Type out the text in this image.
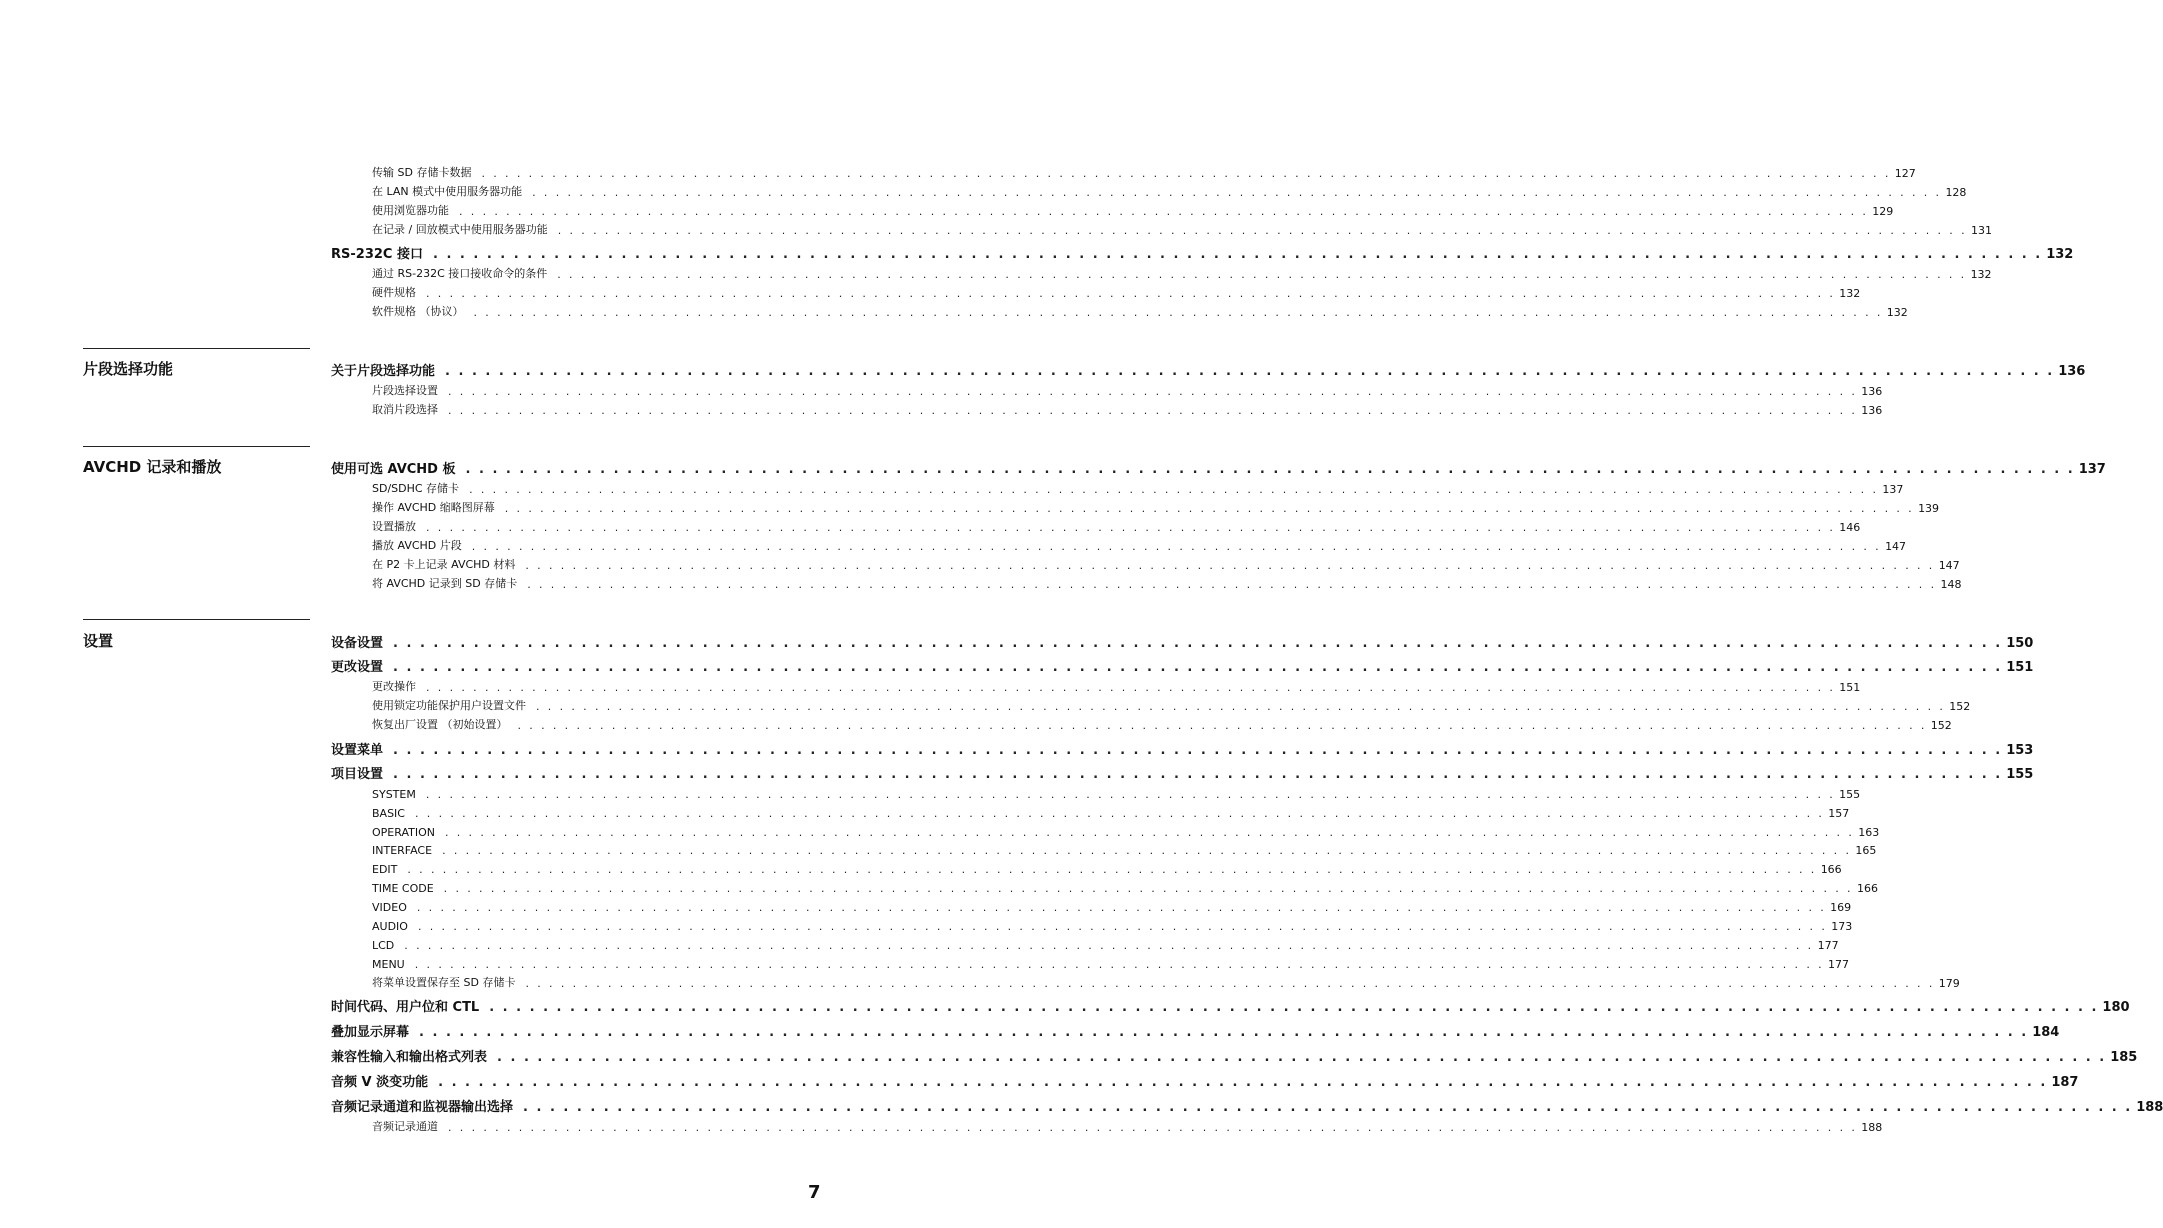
传输 SD 存储卡数据 . . . . . . . . . . . . . . . . . . . . . . . . . . . . . . . . . . . . . . . . . . . . . . . . . . . . . . . . . . . . . . . . . . . . . . . . . . . . . . . . . . . . . . . . . . . . . . . . . . . . . . . . . . . . . . . . . . . . . . . . 127
在 LAN 模式中使用服务器功能 . . . . . . . . . . . . . . . . . . . . . . . . . . . . . . . . . . . . . . . . . . . . . . . . . . . . . . . . . . . . . . . . . . . . . . . . . . . . . . . . . . . . . . . . . . . . . . . . . . . . . . . . . . . . . . . . . . . . . . . . 128
使用浏览器功能 . . . . . . . . . . . . . . . . . . . . . . . . . . . . . . . . . . . . . . . . . . . . . . . . . . . . . . . . . . . . . . . . . . . . . . . . . . . . . . . . . . . . . . . . . . . . . . . . . . . . . . . . . . . . . . . . . . . . . . . . 129
在记录 / 回放模式中使用服务器功能 . . . . . . . . . . . . . . . . . . . . . . . . . . . . . . . . . . . . . . . . . . . . . . . . . . . . . . . . . . . . . . . . . . . . . . . . . . . . . . . . . . . . . . . . . . . . . . . . . . . . . . . . . . . . . . . . . . . . . . . . 131
RS-232C 接口 . . . . . . . . . . . . . . . . . . . . . . . . . . . . . . . . . . . . . . . . . . . . . . . . . . . . . . . . . . . . . . . . . . . . . . . . . . . . . . . . . . . . . . . . . . . . . . . . . . . . . . . . . . . . . . . . . . . . . . . . 132
通过 RS-232C 接口接收命令的条件 . . . . . . . . . . . . . . . . . . . . . . . . . . . . . . . . . . . . . . . . . . . . . . . . . . . . . . . . . . . . . . . . . . . . . . . . . . . . . . . . . . . . . . . . . . . . . . . . . . . . . . . . . . . . . . . . . . . . . . . . 132
硬件规格 . . . . . . . . . . . . . . . . . . . . . . . . . . . . . . . . . . . . . . . . . . . . . . . . . . . . . . . . . . . . . . . . . . . . . . . . . . . . . . . . . . . . . . . . . . . . . . . . . . . . . . . . . . . . . . . . . . . . . . . . 132
软件规格 （协议） . . . . . . . . . . . . . . . . . . . . . . . . . . . . . . . . . . . . . . . . . . . . . . . . . . . . . . . . . . . . . . . . . . . . . . . . . . . . . . . . . . . . . . . . . . . . . . . . . . . . . . . . . . . . . . . . . . . . . . . . 132
片段选择功能	关于片段选择功能 . . . . . . . . . . . . . . . . . . . . . . . . . . . . . . . . . . . . . . . . . . . . . . . . . . . . . . . . . . . . . . . . . . . . . . . . . . . . . . . . . . . . . . . . . . . . . . . . . . . . . . . . . . . . . . . . . . . . . . . . 136
片段选择设置 . . . . . . . . . . . . . . . . . . . . . . . . . . . . . . . . . . . . . . . . . . . . . . . . . . . . . . . . . . . . . . . . . . . . . . . . . . . . . . . . . . . . . . . . . . . . . . . . . . . . . . . . . . . . . . . . . . . . . . . . 136
取消片段选择 . . . . . . . . . . . . . . . . . . . . . . . . . . . . . . . . . . . . . . . . . . . . . . . . . . . . . . . . . . . . . . . . . . . . . . . . . . . . . . . . . . . . . . . . . . . . . . . . . . . . . . . . . . . . . . . . . . . . . . . . 136
AVCHD 记录和播放	使用可选 AVCHD 板 . . . . . . . . . . . . . . . . . . . . . . . . . . . . . . . . . . . . . . . . . . . . . . . . . . . . . . . . . . . . . . . . . . . . . . . . . . . . . . . . . . . . . . . . . . . . . . . . . . . . . . . . . . . . . . . . . . . . . . . . 137
SD/SDHC 存储卡 . . . . . . . . . . . . . . . . . . . . . . . . . . . . . . . . . . . . . . . . . . . . . . . . . . . . . . . . . . . . . . . . . . . . . . . . . . . . . . . . . . . . . . . . . . . . . . . . . . . . . . . . . . . . . . . . . . . . . . . . 137
操作 AVCHD 缩略图屏幕 . . . . . . . . . . . . . . . . . . . . . . . . . . . . . . . . . . . . . . . . . . . . . . . . . . . . . . . . . . . . . . . . . . . . . . . . . . . . . . . . . . . . . . . . . . . . . . . . . . . . . . . . . . . . . . . . . . . . . . . . 139
设置播放 . . . . . . . . . . . . . . . . . . . . . . . . . . . . . . . . . . . . . . . . . . . . . . . . . . . . . . . . . . . . . . . . . . . . . . . . . . . . . . . . . . . . . . . . . . . . . . . . . . . . . . . . . . . . . . . . . . . . . . . . 146
播放 AVCHD 片段 . . . . . . . . . . . . . . . . . . . . . . . . . . . . . . . . . . . . . . . . . . . . . . . . . . . . . . . . . . . . . . . . . . . . . . . . . . . . . . . . . . . . . . . . . . . . . . . . . . . . . . . . . . . . . . . . . . . . . . . . 147
在 P2 卡上记录 AVCHD 材料 . . . . . . . . . . . . . . . . . . . . . . . . . . . . . . . . . . . . . . . . . . . . . . . . . . . . . . . . . . . . . . . . . . . . . . . . . . . . . . . . . . . . . . . . . . . . . . . . . . . . . . . . . . . . . . . . . . . . . . . . 147
将 AVCHD 记录到 SD 存储卡 . . . . . . . . . . . . . . . . . . . . . . . . . . . . . . . . . . . . . . . . . . . . . . . . . . . . . . . . . . . . . . . . . . . . . . . . . . . . . . . . . . . . . . . . . . . . . . . . . . . . . . . . . . . . . . . . . . . . . . . . 148
设置	设备设置 . . . . . . . . . . . . . . . . . . . . . . . . . . . . . . . . . . . . . . . . . . . . . . . . . . . . . . . . . . . . . . . . . . . . . . . . . . . . . . . . . . . . . . . . . . . . . . . . . . . . . . . . . . . . . . . . . . . . . . . . 150
更改设置 . . . . . . . . . . . . . . . . . . . . . . . . . . . . . . . . . . . . . . . . . . . . . . . . . . . . . . . . . . . . . . . . . . . . . . . . . . . . . . . . . . . . . . . . . . . . . . . . . . . . . . . . . . . . . . . . . . . . . . . . 151
更改操作 . . . . . . . . . . . . . . . . . . . . . . . . . . . . . . . . . . . . . . . . . . . . . . . . . . . . . . . . . . . . . . . . . . . . . . . . . . . . . . . . . . . . . . . . . . . . . . . . . . . . . . . . . . . . . . . . . . . . . . . . 151
使用锁定功能保护用户设置文件 . . . . . . . . . . . . . . . . . . . . . . . . . . . . . . . . . . . . . . . . . . . . . . . . . . . . . . . . . . . . . . . . . . . . . . . . . . . . . . . . . . . . . . . . . . . . . . . . . . . . . . . . . . . . . . . . . . . . . . . . 152
恢复出厂设置 （初始设置） . . . . . . . . . . . . . . . . . . . . . . . . . . . . . . . . . . . . . . . . . . . . . . . . . . . . . . . . . . . . . . . . . . . . . . . . . . . . . . . . . . . . . . . . . . . . . . . . . . . . . . . . . . . . . . . . . . . . . . . . 152
设置菜单 . . . . . . . . . . . . . . . . . . . . . . . . . . . . . . . . . . . . . . . . . . . . . . . . . . . . . . . . . . . . . . . . . . . . . . . . . . . . . . . . . . . . . . . . . . . . . . . . . . . . . . . . . . . . . . . . . . . . . . . . 153
项目设置 . . . . . . . . . . . . . . . . . . . . . . . . . . . . . . . . . . . . . . . . . . . . . . . . . . . . . . . . . . . . . . . . . . . . . . . . . . . . . . . . . . . . . . . . . . . . . . . . . . . . . . . . . . . . . . . . . . . . . . . . 155
SYSTEM . . . . . . . . . . . . . . . . . . . . . . . . . . . . . . . . . . . . . . . . . . . . . . . . . . . . . . . . . . . . . . . . . . . . . . . . . . . . . . . . . . . . . . . . . . . . . . . . . . . . . . . . . . . . . . . . . . . . . . . . 155
BASIC . . . . . . . . . . . . . . . . . . . . . . . . . . . . . . . . . . . . . . . . . . . . . . . . . . . . . . . . . . . . . . . . . . . . . . . . . . . . . . . . . . . . . . . . . . . . . . . . . . . . . . . . . . . . . . . . . . . . . . . . 157
OPERATION . . . . . . . . . . . . . . . . . . . . . . . . . . . . . . . . . . . . . . . . . . . . . . . . . . . . . . . . . . . . . . . . . . . . . . . . . . . . . . . . . . . . . . . . . . . . . . . . . . . . . . . . . . . . . . . . . . . . . . . . 163
INTERFACE . . . . . . . . . . . . . . . . . . . . . . . . . . . . . . . . . . . . . . . . . . . . . . . . . . . . . . . . . . . . . . . . . . . . . . . . . . . . . . . . . . . . . . . . . . . . . . . . . . . . . . . . . . . . . . . . . . . . . . . . 165
EDIT . . . . . . . . . . . . . . . . . . . . . . . . . . . . . . . . . . . . . . . . . . . . . . . . . . . . . . . . . . . . . . . . . . . . . . . . . . . . . . . . . . . . . . . . . . . . . . . . . . . . . . . . . . . . . . . . . . . . . . . . 166
TIME CODE . . . . . . . . . . . . . . . . . . . . . . . . . . . . . . . . . . . . . . . . . . . . . . . . . . . . . . . . . . . . . . . . . . . . . . . . . . . . . . . . . . . . . . . . . . . . . . . . . . . . . . . . . . . . . . . . . . . . . . . . 166
VIDEO . . . . . . . . . . . . . . . . . . . . . . . . . . . . . . . . . . . . . . . . . . . . . . . . . . . . . . . . . . . . . . . . . . . . . . . . . . . . . . . . . . . . . . . . . . . . . . . . . . . . . . . . . . . . . . . . . . . . . . . . 169
AUDIO . . . . . . . . . . . . . . . . . . . . . . . . . . . . . . . . . . . . . . . . . . . . . . . . . . . . . . . . . . . . . . . . . . . . . . . . . . . . . . . . . . . . . . . . . . . . . . . . . . . . . . . . . . . . . . . . . . . . . . . . 173
LCD . . . . . . . . . . . . . . . . . . . . . . . . . . . . . . . . . . . . . . . . . . . . . . . . . . . . . . . . . . . . . . . . . . . . . . . . . . . . . . . . . . . . . . . . . . . . . . . . . . . . . . . . . . . . . . . . . . . . . . . . 177
MENU . . . . . . . . . . . . . . . . . . . . . . . . . . . . . . . . . . . . . . . . . . . . . . . . . . . . . . . . . . . . . . . . . . . . . . . . . . . . . . . . . . . . . . . . . . . . . . . . . . . . . . . . . . . . . . . . . . . . . . . . 177
将菜单设置保存至 SD 存储卡 . . . . . . . . . . . . . . . . . . . . . . . . . . . . . . . . . . . . . . . . . . . . . . . . . . . . . . . . . . . . . . . . . . . . . . . . . . . . . . . . . . . . . . . . . . . . . . . . . . . . . . . . . . . . . . . . . . . . . . . . 179
时间代码、用户位和 CTL . . . . . . . . . . . . . . . . . . . . . . . . . . . . . . . . . . . . . . . . . . . . . . . . . . . . . . . . . . . . . . . . . . . . . . . . . . . . . . . . . . . . . . . . . . . . . . . . . . . . . . . . . . . . . . . . . . . . . . . . 180
叠加显示屏幕 . . . . . . . . . . . . . . . . . . . . . . . . . . . . . . . . . . . . . . . . . . . . . . . . . . . . . . . . . . . . . . . . . . . . . . . . . . . . . . . . . . . . . . . . . . . . . . . . . . . . . . . . . . . . . . . . . . . . . . . . 184
兼容性输入和输出格式列表 . . . . . . . . . . . . . . . . . . . . . . . . . . . . . . . . . . . . . . . . . . . . . . . . . . . . . . . . . . . . . . . . . . . . . . . . . . . . . . . . . . . . . . . . . . . . . . . . . . . . . . . . . . . . . . . . . . . . . . . . 185
音频 V 淡变功能 . . . . . . . . . . . . . . . . . . . . . . . . . . . . . . . . . . . . . . . . . . . . . . . . . . . . . . . . . . . . . . . . . . . . . . . . . . . . . . . . . . . . . . . . . . . . . . . . . . . . . . . . . . . . . . . . . . . . . . . . 187
音频记录通道和监视器输出选择 . . . . . . . . . . . . . . . . . . . . . . . . . . . . . . . . . . . . . . . . . . . . . . . . . . . . . . . . . . . . . . . . . . . . . . . . . . . . . . . . . . . . . . . . . . . . . . . . . . . . . . . . . . . . . . . . . . . . . . . . 188
音频记录通道 . . . . . . . . . . . . . . . . . . . . . . . . . . . . . . . . . . . . . . . . . . . . . . . . . . . . . . . . . . . . . . . . . . . . . . . . . . . . . . . . . . . . . . . . . . . . . . . . . . . . . . . . . . . . . . . . . . . . . . . . 188
7
